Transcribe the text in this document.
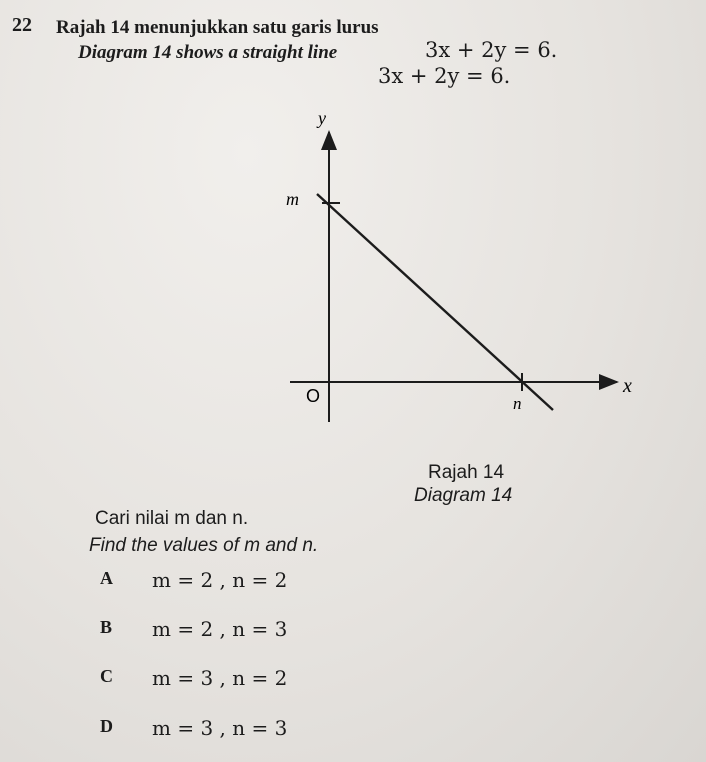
22 Rajah 14 menunjukkan satu garis lurus
Diagram 14 shows a straight line	3x + 2y = 6.
3x + 2y = 6.
y
x
O
m
n
Rajah 14
Diagram 14
Cari nilai m dan n.
Find the values of m and n.
A m = 2 , n = 2
B m = 2 , n = 3
C m = 3 , n = 2
D m = 3 , n = 3
